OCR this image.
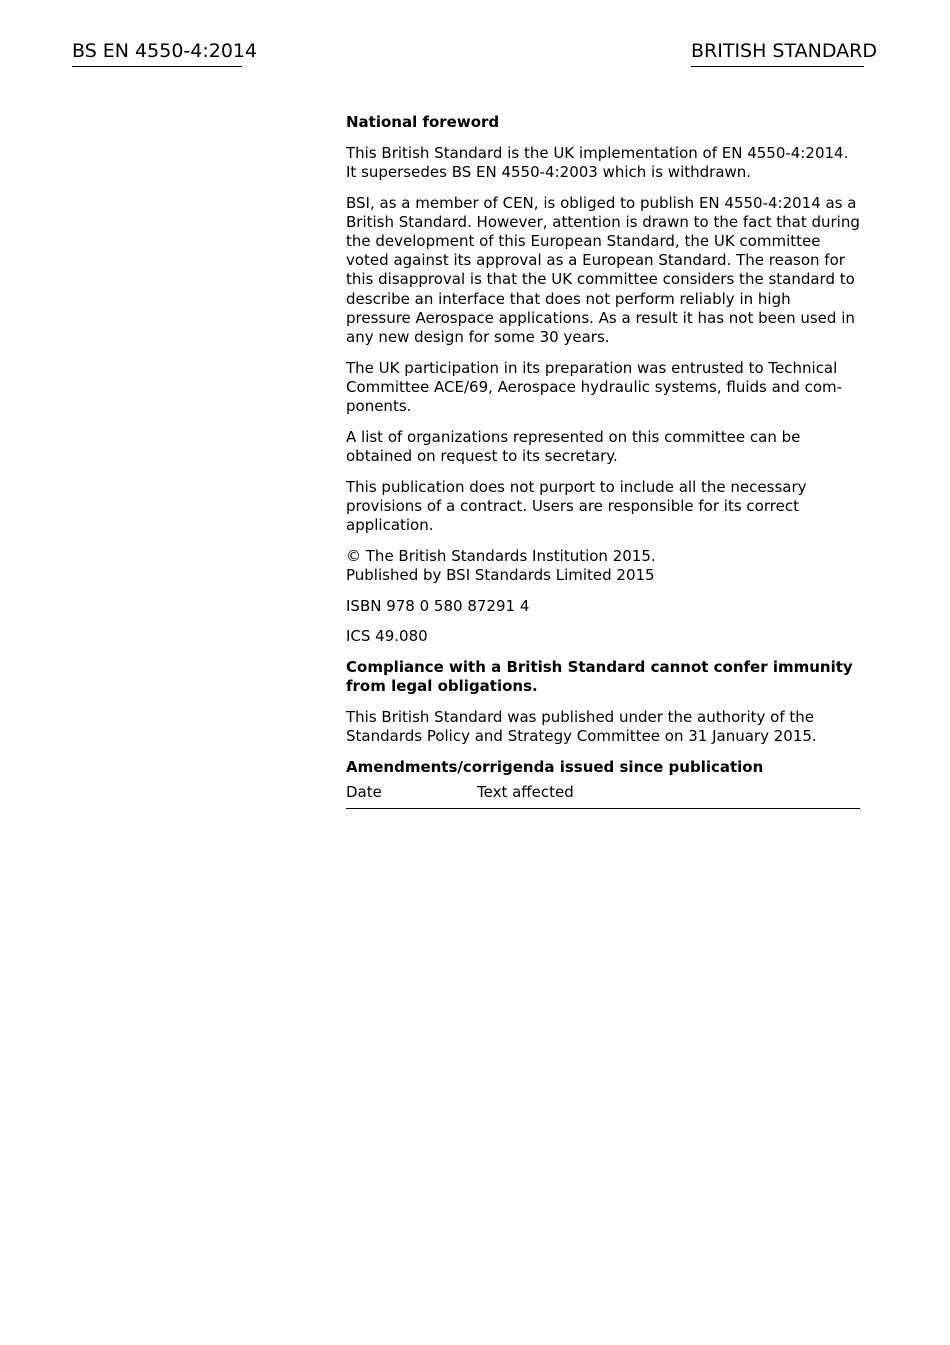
BS EN 4550-4:2014	BRITISH STANDARD

National foreword

This British Standard is the UK implementation of EN 4550-4:2014. It supersedes BS EN 4550-4:2003 which is withdrawn.

BSI, as a member of CEN, is obliged to publish EN 4550-4:2014 as a British Standard. However, attention is drawn to the fact that during the development of this European Standard, the UK committee voted against its approval as a European Standard. The reason for this disapproval is that the UK committee considers the standard to describe an interface that does not perform reliably in high pressure Aerospace applications. As a result it has not been used in any new design for some 30 years.

The UK participation in its preparation was entrusted to Technical Committee ACE/69, Aerospace hydraulic systems, fluids and components.

A list of organizations represented on this committee can be obtained on request to its secretary.

This publication does not purport to include all the necessary provisions of a contract. Users are responsible for its correct application.

© The British Standards Institution 2015.
Published by BSI Standards Limited 2015

ISBN 978 0 580 87291 4

ICS 49.080

Compliance with a British Standard cannot confer immunity from legal obligations.

This British Standard was published under the authority of the Standards Policy and Strategy Committee on 31 January 2015.

Amendments/corrigenda issued since publication

Date	Text affected
